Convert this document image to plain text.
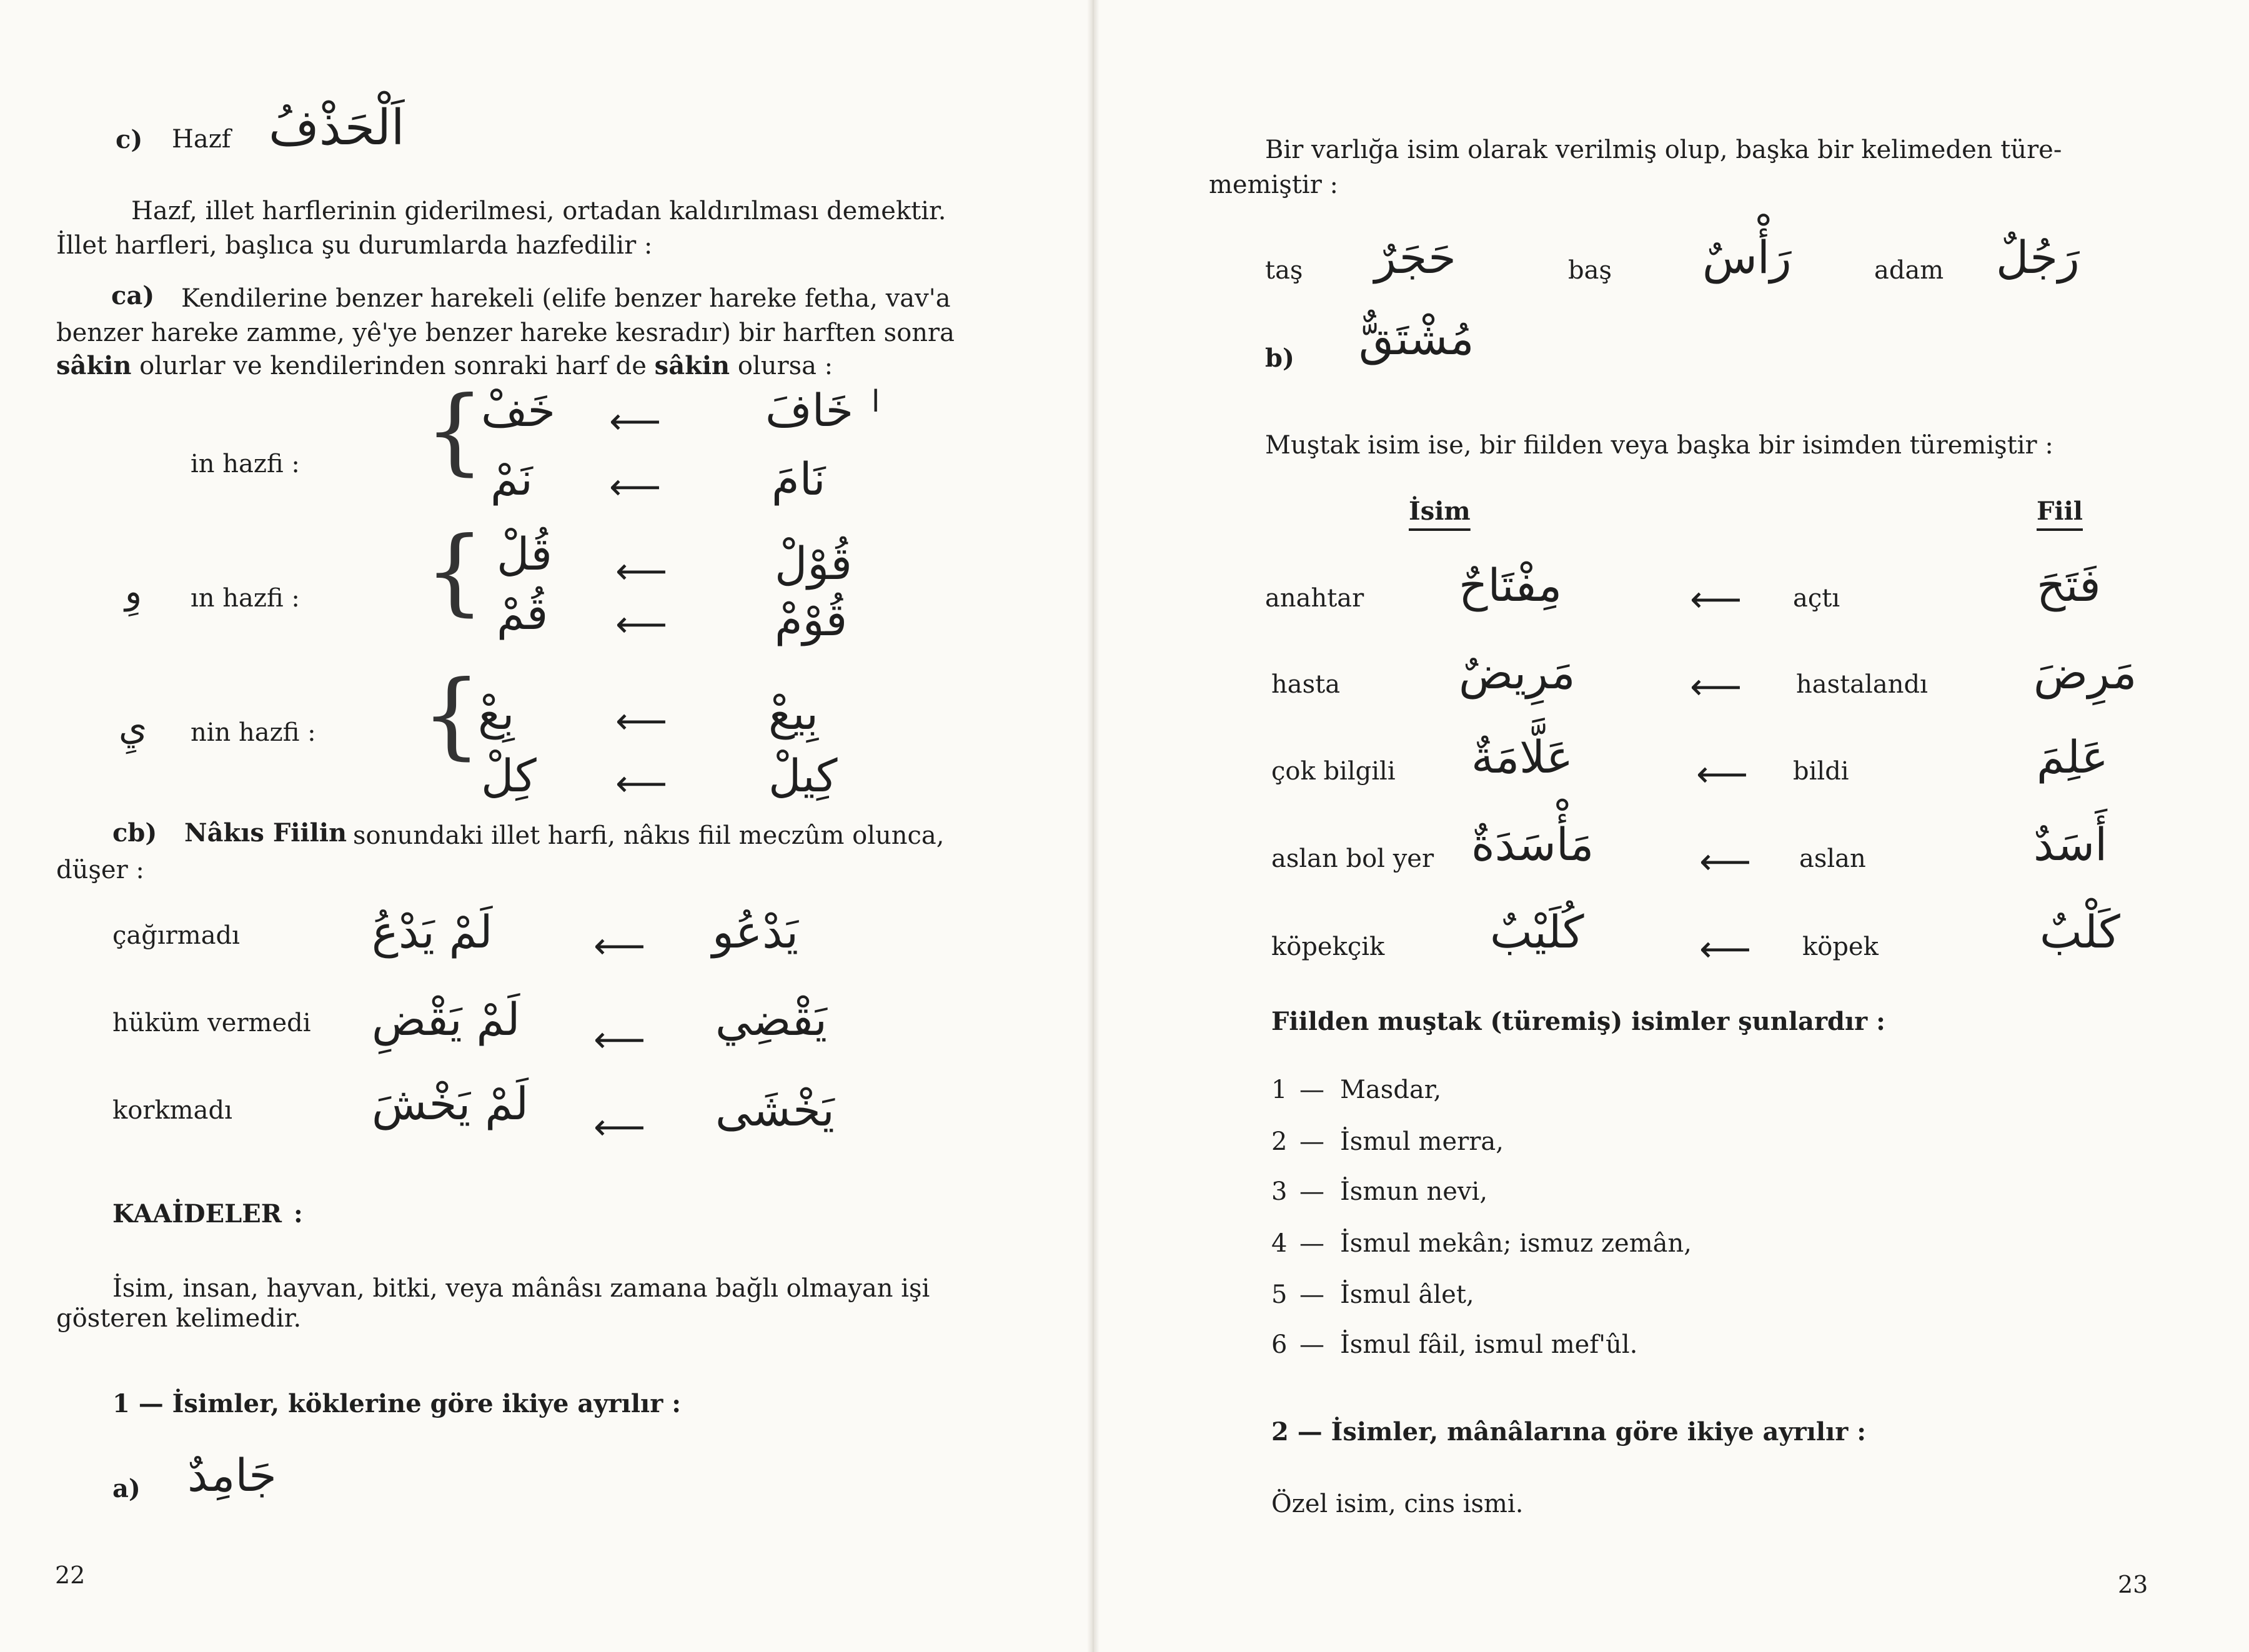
c) Hazf اَلْحَذْفُ
Hazf, illet harflerinin giderilmesi, ortadan kaldırılması demektir.
İllet harfleri, başlıca şu durumlarda hazfedilir :
ca) Kendilerine benzer harekeli (elife benzer hareke fetha, vav'a
benzer hareke zamme, yê'ye benzer hareke kesradır) bir harften sonra
sâkin olurlar ve kendilerinden sonraki harf de sâkin olursa :
in hazfi : {
خَفْ ⟵ خَافَ ا
نَمْ ⟵ نَامَ
وِ ın hazfi : { قُلْ ⟵ قُوْلْ
قُمْ ⟵ قُوْمْ
يِ nin hazfi : {
بِعْ	⟵ بِيعْ
كِلْ ⟵ كِيلْ
cb) Nâkıs Fiilin sonundaki illet harfi, nâkıs fiil meczûm olunca,
düşer :
çağırmadı	لَمْ يَدْعُ	⟵ يَدْعُو
hüküm vermedi لَمْ يَقْضِ ⟵ يَقْضِي
korkmadı	لَمْ يَخْشَ ⟵ يَخْشَى
KAAİDELER :
İsim, insan, hayvan, bitki, veya mânâsı zamana bağlı olmayan işi
gösteren kelimedir.
1 — İsimler, köklerine göre ikiye ayrılır :
a) جَامِدٌ
22
Bir varlığa isim olarak verilmiş olup, başka bir kelimeden türe-
memiştir :
taş حَجَرٌ	baş رَأْسٌ	adam رَجُلٌ
b) مُشْتَقٌّ
Muştak isim ise, bir fiilden veya başka bir isimden türemiştir :
İsim	Fiil
anahtar مِفْتَاحٌ	⟵ açtı	فَتَحَ
hasta	مَرِيضٌ	⟵ hastalandı مَرِضَ
çok bilgili عَلَّامَةٌ	⟵ bildi	عَلِمَ
aslan bol yer مَأْسَدَةٌ	⟵ aslan	أَسَدٌ
köpekçik كُلَيْبٌ	⟵ köpek	كَلْبٌ
Fiilden muştak (türemiş) isimler şunlardır :
1 — Masdar,
2 — İsmul merra,
3 — İsmun nevi,
4 — İsmul mekân; ismuz zemân,
5 — İsmul âlet,
6 — İsmul fâil, ismul mef'ûl.
2 — İsimler, mânâlarına göre ikiye ayrılır :
Özel isim, cins ismi.
23
